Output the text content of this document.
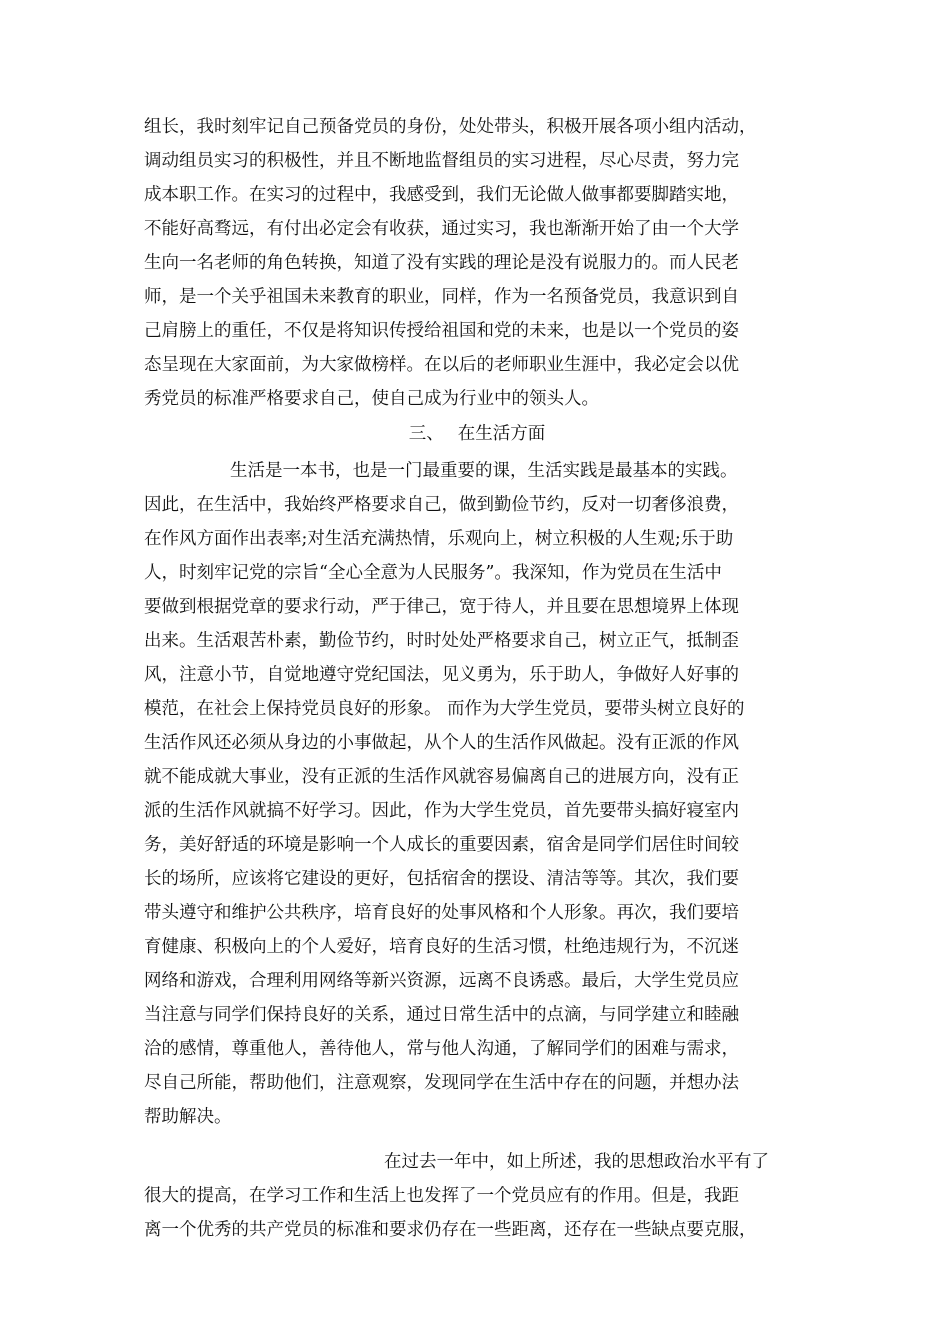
组长，我时刻牢记自己预备党员的身份，处处带头，积极开展各项小组内活动，
调动组员实习的积极性，并且不断地监督组员的实习进程，尽心尽责，努力完
成本职工作。在实习的过程中，我感受到，我们无论做人做事都要脚踏实地，
不能好高骛远，有付出必定会有收获，通过实习，我也渐渐开始了由一个大学
生向一名老师的角色转换，知道了没有实践的理论是没有说服力的。而人民老
师，是一个关乎祖国未来教育的职业，同样，作为一名预备党员，我意识到自
己肩膀上的重任，不仅是将知识传授给祖国和党的未来，也是以一个党员的姿
态呈现在大家面前，为大家做榜样。在以后的老师职业生涯中，我必定会以优
秀党员的标准严格要求自己，使自己成为行业中的领头人。
三、 在生活方面
生活是一本书，也是一门最重要的课，生活实践是最基本的实践。
因此，在生活中，我始终严格要求自己，做到勤俭节约，反对一切奢侈浪费，
在作风方面作出表率;对生活充满热情，乐观向上，树立积极的人生观;乐于助
人，时刻牢记党的宗旨“全心全意为人民服务”。我深知，作为党员在生活中
要做到根据党章的要求行动，严于律己，宽于待人，并且要在思想境界上体现
出来。生活艰苦朴素，勤俭节约，时时处处严格要求自己，树立正气，抵制歪
风，注意小节，自觉地遵守党纪国法，见义勇为，乐于助人，争做好人好事的
模范，在社会上保持党员良好的形象。 而作为大学生党员，要带头树立良好的
生活作风还必须从身边的小事做起，从个人的生活作风做起。没有正派的作风
就不能成就大事业，没有正派的生活作风就容易偏离自己的进展方向，没有正
派的生活作风就搞不好学习。因此，作为大学生党员，首先要带头搞好寝室内
务，美好舒适的环境是影响一个人成长的重要因素，宿舍是同学们居住时间较
长的场所，应该将它建设的更好，包括宿舍的摆设、清洁等等。其次，我们要
带头遵守和维护公共秩序，培育良好的处事风格和个人形象。再次，我们要培
育健康、积极向上的个人爱好，培育良好的生活习惯，杜绝违规行为，不沉迷
网络和游戏，合理利用网络等新兴资源，远离不良诱惑。最后，大学生党员应
当注意与同学们保持良好的关系，通过日常生活中的点滴，与同学建立和睦融
洽的感情，尊重他人，善待他人，常与他人沟通，了解同学们的困难与需求，
尽自己所能，帮助他们，注意观察，发现同学在生活中存在的问题，并想办法
帮助解决。
在过去一年中，如上所述，我的思想政治水平有了
很大的提高，在学习工作和生活上也发挥了一个党员应有的作用。但是，我距
离一个优秀的共产党员的标准和要求仍存在一些距离，还存在一些缺点要克服，
